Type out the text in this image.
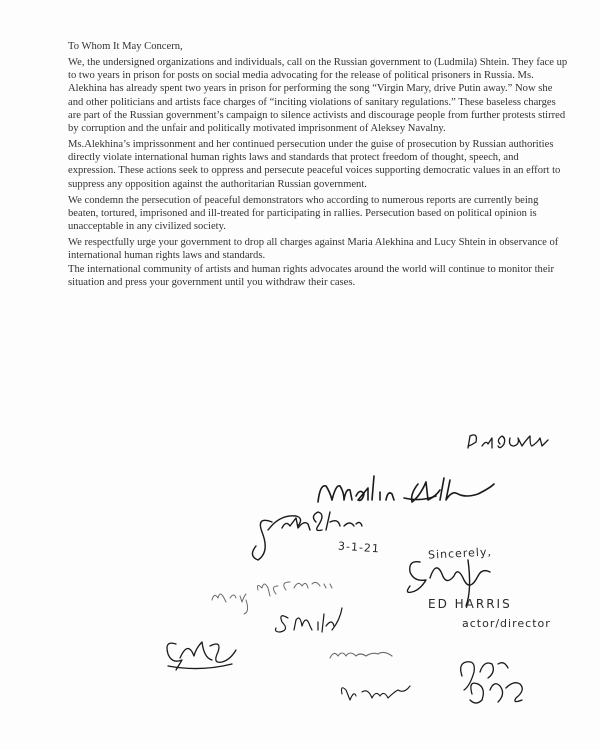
To Whom It May Concern,
We, the undersigned organizations and individuals, call on the Russian government to (Ludmila) Shtein. They face up to two years in prison for posts on social media advocating for the release of political prisoners in Russia. Ms. Alekhina has already spent two years in prison for performing the song “Virgin Mary, drive Putin away.” Now she and other politicians and artists face charges of “inciting violations of sanitary regulations.” These baseless charges are part of the Russian government’s campaign to silence activists and discourage people from further protests stirred by corruption and the unfair and politically motivated imprisonment of Aleksey Navalny.
Ms.Alekhina’s imprissonment and her continued persecution under the guise of prosecution by Russian authorities directly violate international human rights laws and standards that protect freedom of thought, speech, and expression. These actions seek to oppress and persecute peaceful voices supporting democratic values in an effort to suppress any opposition against the authoritarian Russian government.
We condemn the persecution of peaceful demonstrators who according to numerous reports are currently being beaten, tortured, imprisoned and ill-treated for participating in rallies. Persecution based on political opinion is unacceptable in any civilized society.
We respectfully urge your government to drop all charges against Maria Alekhina and Lucy Shtein in observance of international human rights laws and standards.
The international community of artists and human rights advocates around the world will continue to monitor their situation and press your government until you withdraw their cases.
3-1-21	Sincerely,
ED HARRIS
actor/director
